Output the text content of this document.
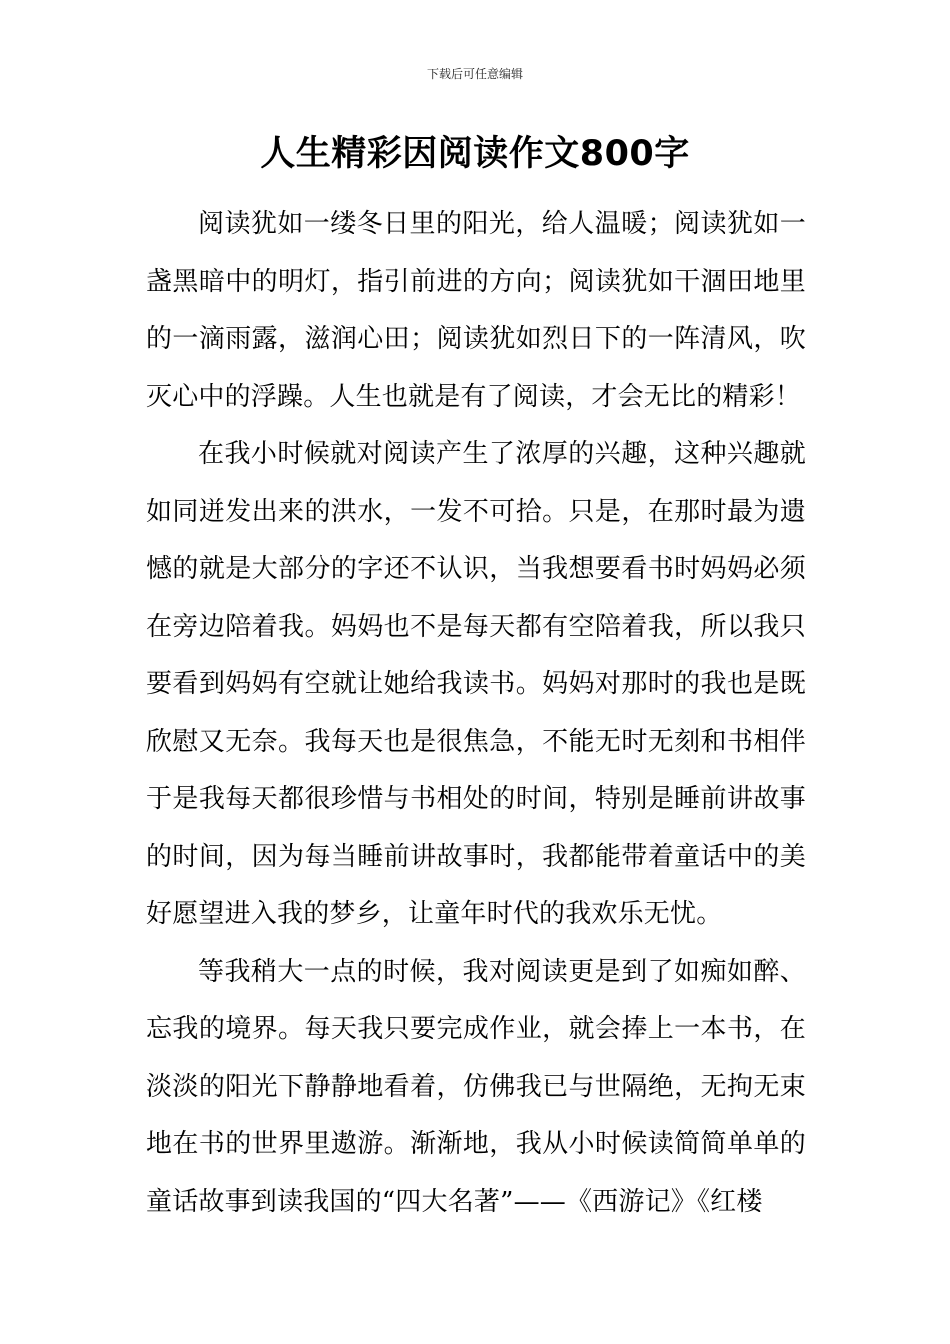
下载后可任意编辑
人生精彩因阅读作文800字

阅读犹如一缕冬日里的阳光，给人温暖；阅读犹如一盏黑暗中的明灯，指引前进的方向；阅读犹如干涸田地里的一滴雨露，滋润心田；阅读犹如烈日下的一阵清风，吹灭心中的浮躁。人生也就是有了阅读，才会无比的精彩！

在我小时候就对阅读产生了浓厚的兴趣，这种兴趣就如同迸发出来的洪水，一发不可拾。只是，在那时最为遗憾的就是大部分的字还不认识，当我想要看书时妈妈必须在旁边陪着我。妈妈也不是每天都有空陪着我，所以我只要看到妈妈有空就让她给我读书。妈妈对那时的我也是既欣慰又无奈。我每天也是很焦急，不能无时无刻和书相伴于是我每天都很珍惜与书相处的时间，特别是睡前讲故事的时间，因为每当睡前讲故事时，我都能带着童话中的美好愿望进入我的梦乡，让童年时代的我欢乐无忧。

等我稍大一点的时候，我对阅读更是到了如痴如醉、忘我的境界。每天我只要完成作业，就会捧上一本书，在淡淡的阳光下静静地看着，仿佛我已与世隔绝，无拘无束地在书的世界里遨游。渐渐地，我从小时候读简简单单的童话故事到读我国的“四大名著”——《西游记》《红楼
